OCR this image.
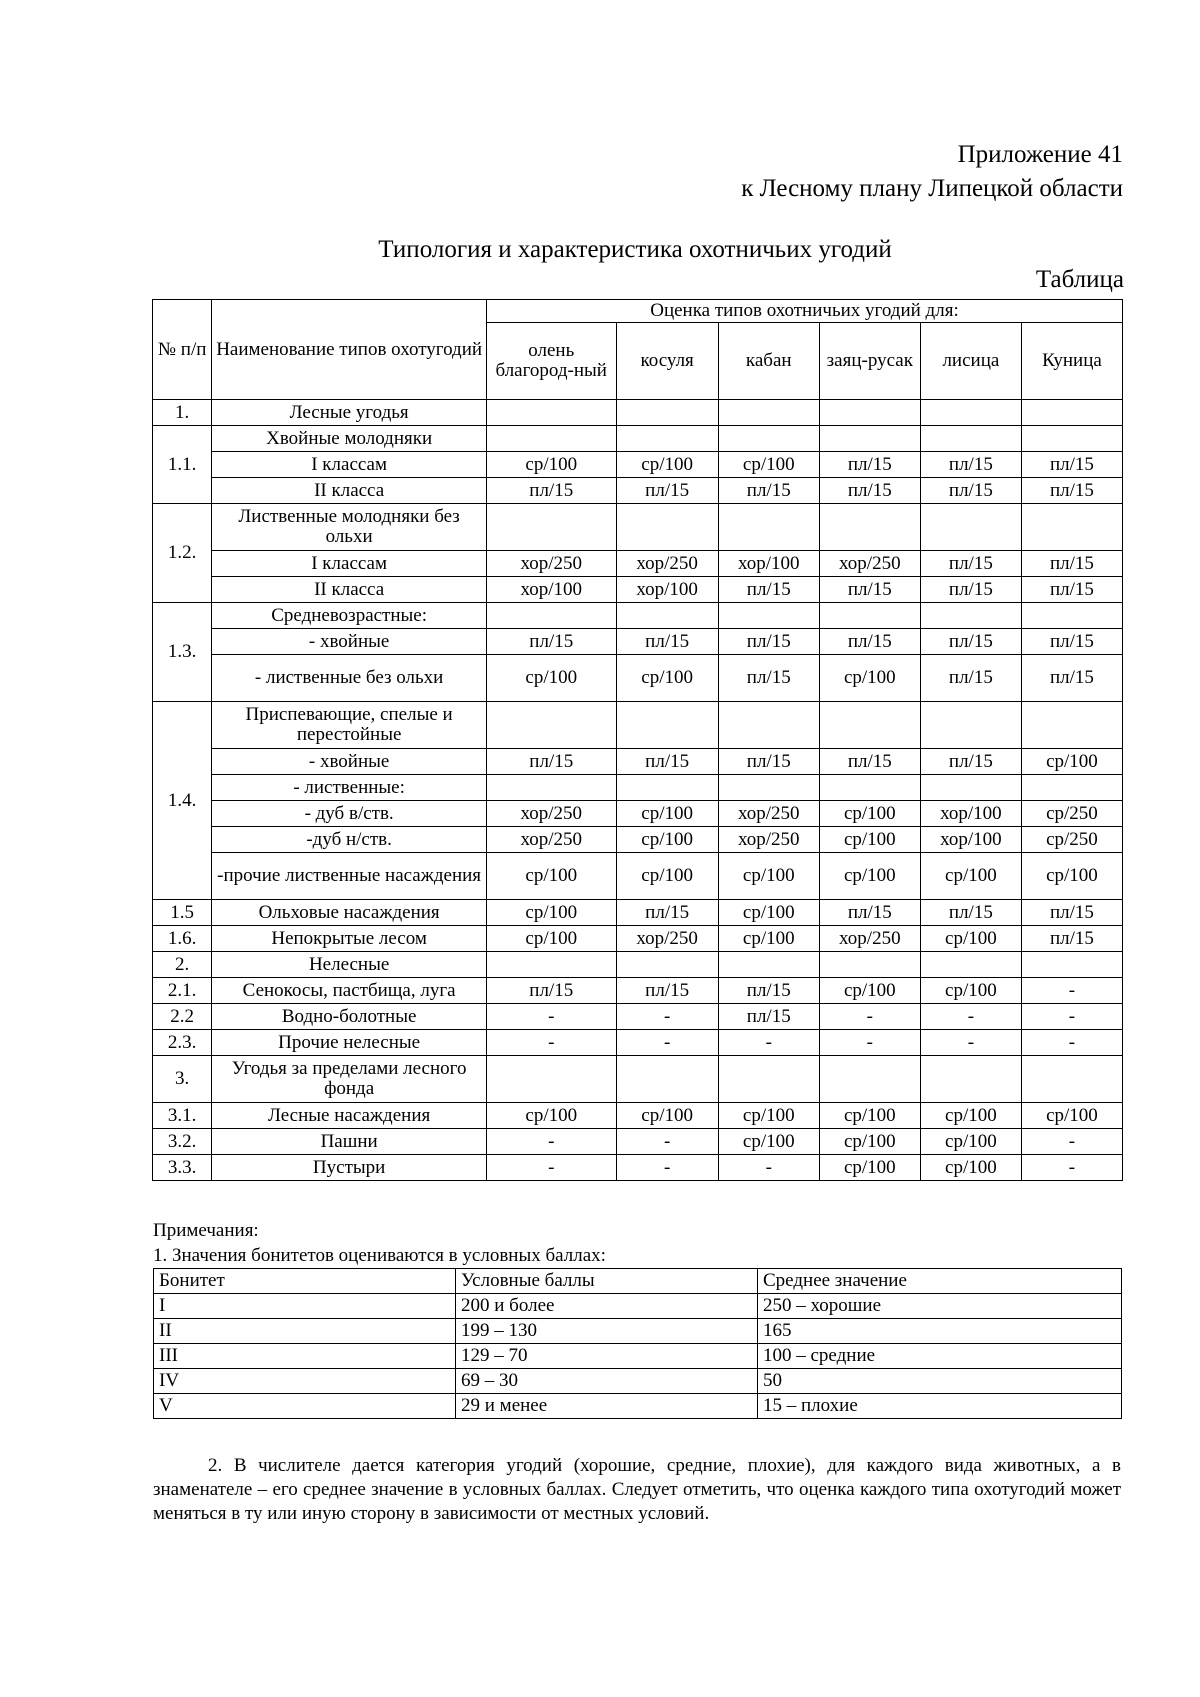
Приложение 41
к Лесному плану Липецкой области
Типология и характеристика охотничьих угодий
Таблица
№ п/п	Наименование типов охотугодий	Оценка типов охотничьих угодий для:					
		олень благород-ный	косуля	кабан	заяц-русак	лисица	Куница
1.	Лесные угодья						
1.1.	Хвойные молодняки						
	I классам	ср/100	ср/100	ср/100	пл/15	пл/15	пл/15
	II класса	пл/15	пл/15	пл/15	пл/15	пл/15	пл/15
1.2.	Лиственные молодняки без ольхи						
	I классам	хор/250	хор/250	хор/100	хор/250	пл/15	пл/15
	II класса	хор/100	хор/100	пл/15	пл/15	пл/15	пл/15
1.3.	Средневозрастные:						
	- хвойные	пл/15	пл/15	пл/15	пл/15	пл/15	пл/15
	- лиственные без ольхи	ср/100	ср/100	пл/15	ср/100	пл/15	пл/15
1.4.	Приспевающие, спелые и перестойные						
	- хвойные	пл/15	пл/15	пл/15	пл/15	пл/15	ср/100
	- лиственные:						
	- дуб в/ств.	хор/250	ср/100	хор/250	ср/100	хор/100	ср/250
	-дуб н/ств.	хор/250	ср/100	хор/250	ср/100	хор/100	ср/250
	-прочие лиственные насаждения	ср/100	ср/100	ср/100	ср/100	ср/100	ср/100
1.5	Ольховые насаждения	ср/100	пл/15	ср/100	пл/15	пл/15	пл/15
1.6.	Непокрытые лесом	ср/100	хор/250	ср/100	хор/250	ср/100	пл/15
2.	Нелесные						
2.1.	Сенокосы, пастбища, луга	пл/15	пл/15	пл/15	ср/100	ср/100	-
2.2	Водно-болотные	-	-	пл/15	-	-	-
2.3.	Прочие нелесные	-	-	-	-	-	-
3.	Угодья за пределами лесного фонда						
3.1.	Лесные насаждения	ср/100	ср/100	ср/100	ср/100	ср/100	ср/100
3.2.	Пашни	-	-	ср/100	ср/100	ср/100	-
3.3.	Пустыри	-	-	-	ср/100	ср/100	-
Примечания:
1. Значения бонитетов оцениваются в условных баллах:
Бонитет	Условные баллы	Среднее значение
I	200 и более	250 – хорошие
II	199 – 130	165
III	129 – 70	100 – средние
IV	69 – 30	50
V	29 и менее	15 – плохие
2. В числителе дается категория угодий (хорошие, средние, плохие), для каждого вида животных, а в знаменателе – его среднее значение в условных баллах. Следует отметить, что оценка каждого типа охотугодий может меняться в ту или иную сторону в зависимости от местных условий.
